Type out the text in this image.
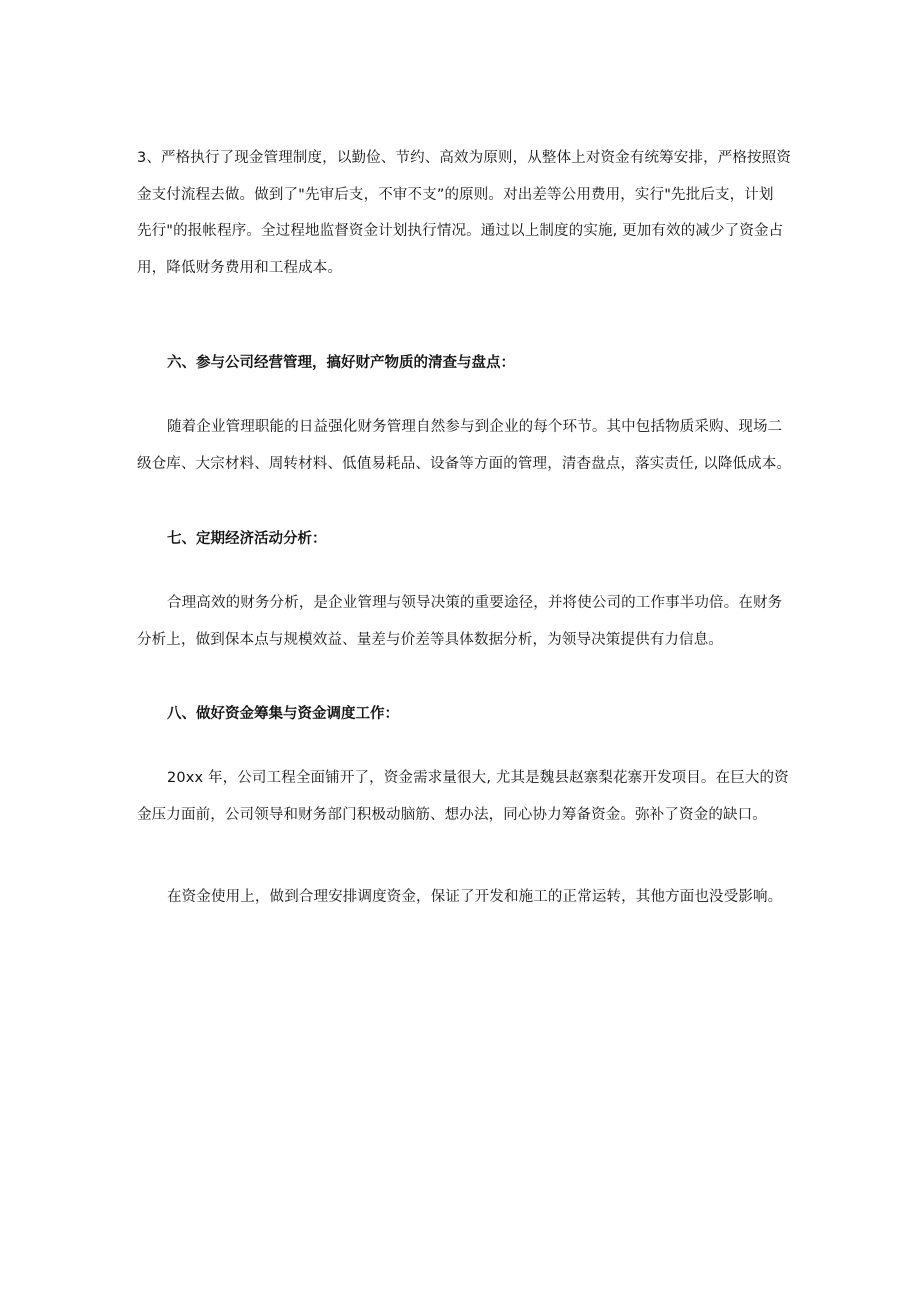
3、严格执行了现金管理制度，以勤俭、节约、高效为原则，从整体上对资金有统筹安排，严格按照资
金支付流程去做。做到了"先审后支，不审不支”的原则。对出差等公用费用，实行"先批后支，计划
先行"的报帐程序。全过程地监督资金计划执行情况。通过以上制度的实施, 更加有效的减少了资金占
用，降低财务费用和工程成本。

六、参与公司经营管理，搞好财产物质的清查与盘点：

随着企业管理职能的日益强化财务管理自然参与到企业的每个环节。其中包括物质采购、现场二
级仓库、大宗材料、周转材料、低值易耗品、设备等方面的管理，清杳盘点，落实责任, 以降低成本。

七、定期经济活动分析：

合理高效的财务分析，是企业管理与领导决策的重要途径，并将使公司的工作事半功倍。在财务
分析上，做到保本点与规模效益、量差与价差等具体数据分析，为领导决策提供有力信息。

八、做好资金筹集与资金调度工作：

20xx 年，公司工程全面铺开了，资金需求量很大, 尤其是魏县赵寨梨花寨开发项目。在巨大的资
金压力面前，公司领导和财务部门积极动脑筋、想办法，同心协力筹备资金。弥补了资金的缺口。

在资金使用上，做到合理安排调度资金，保证了开发和施工的正常运转，其他方面也没受影响。
